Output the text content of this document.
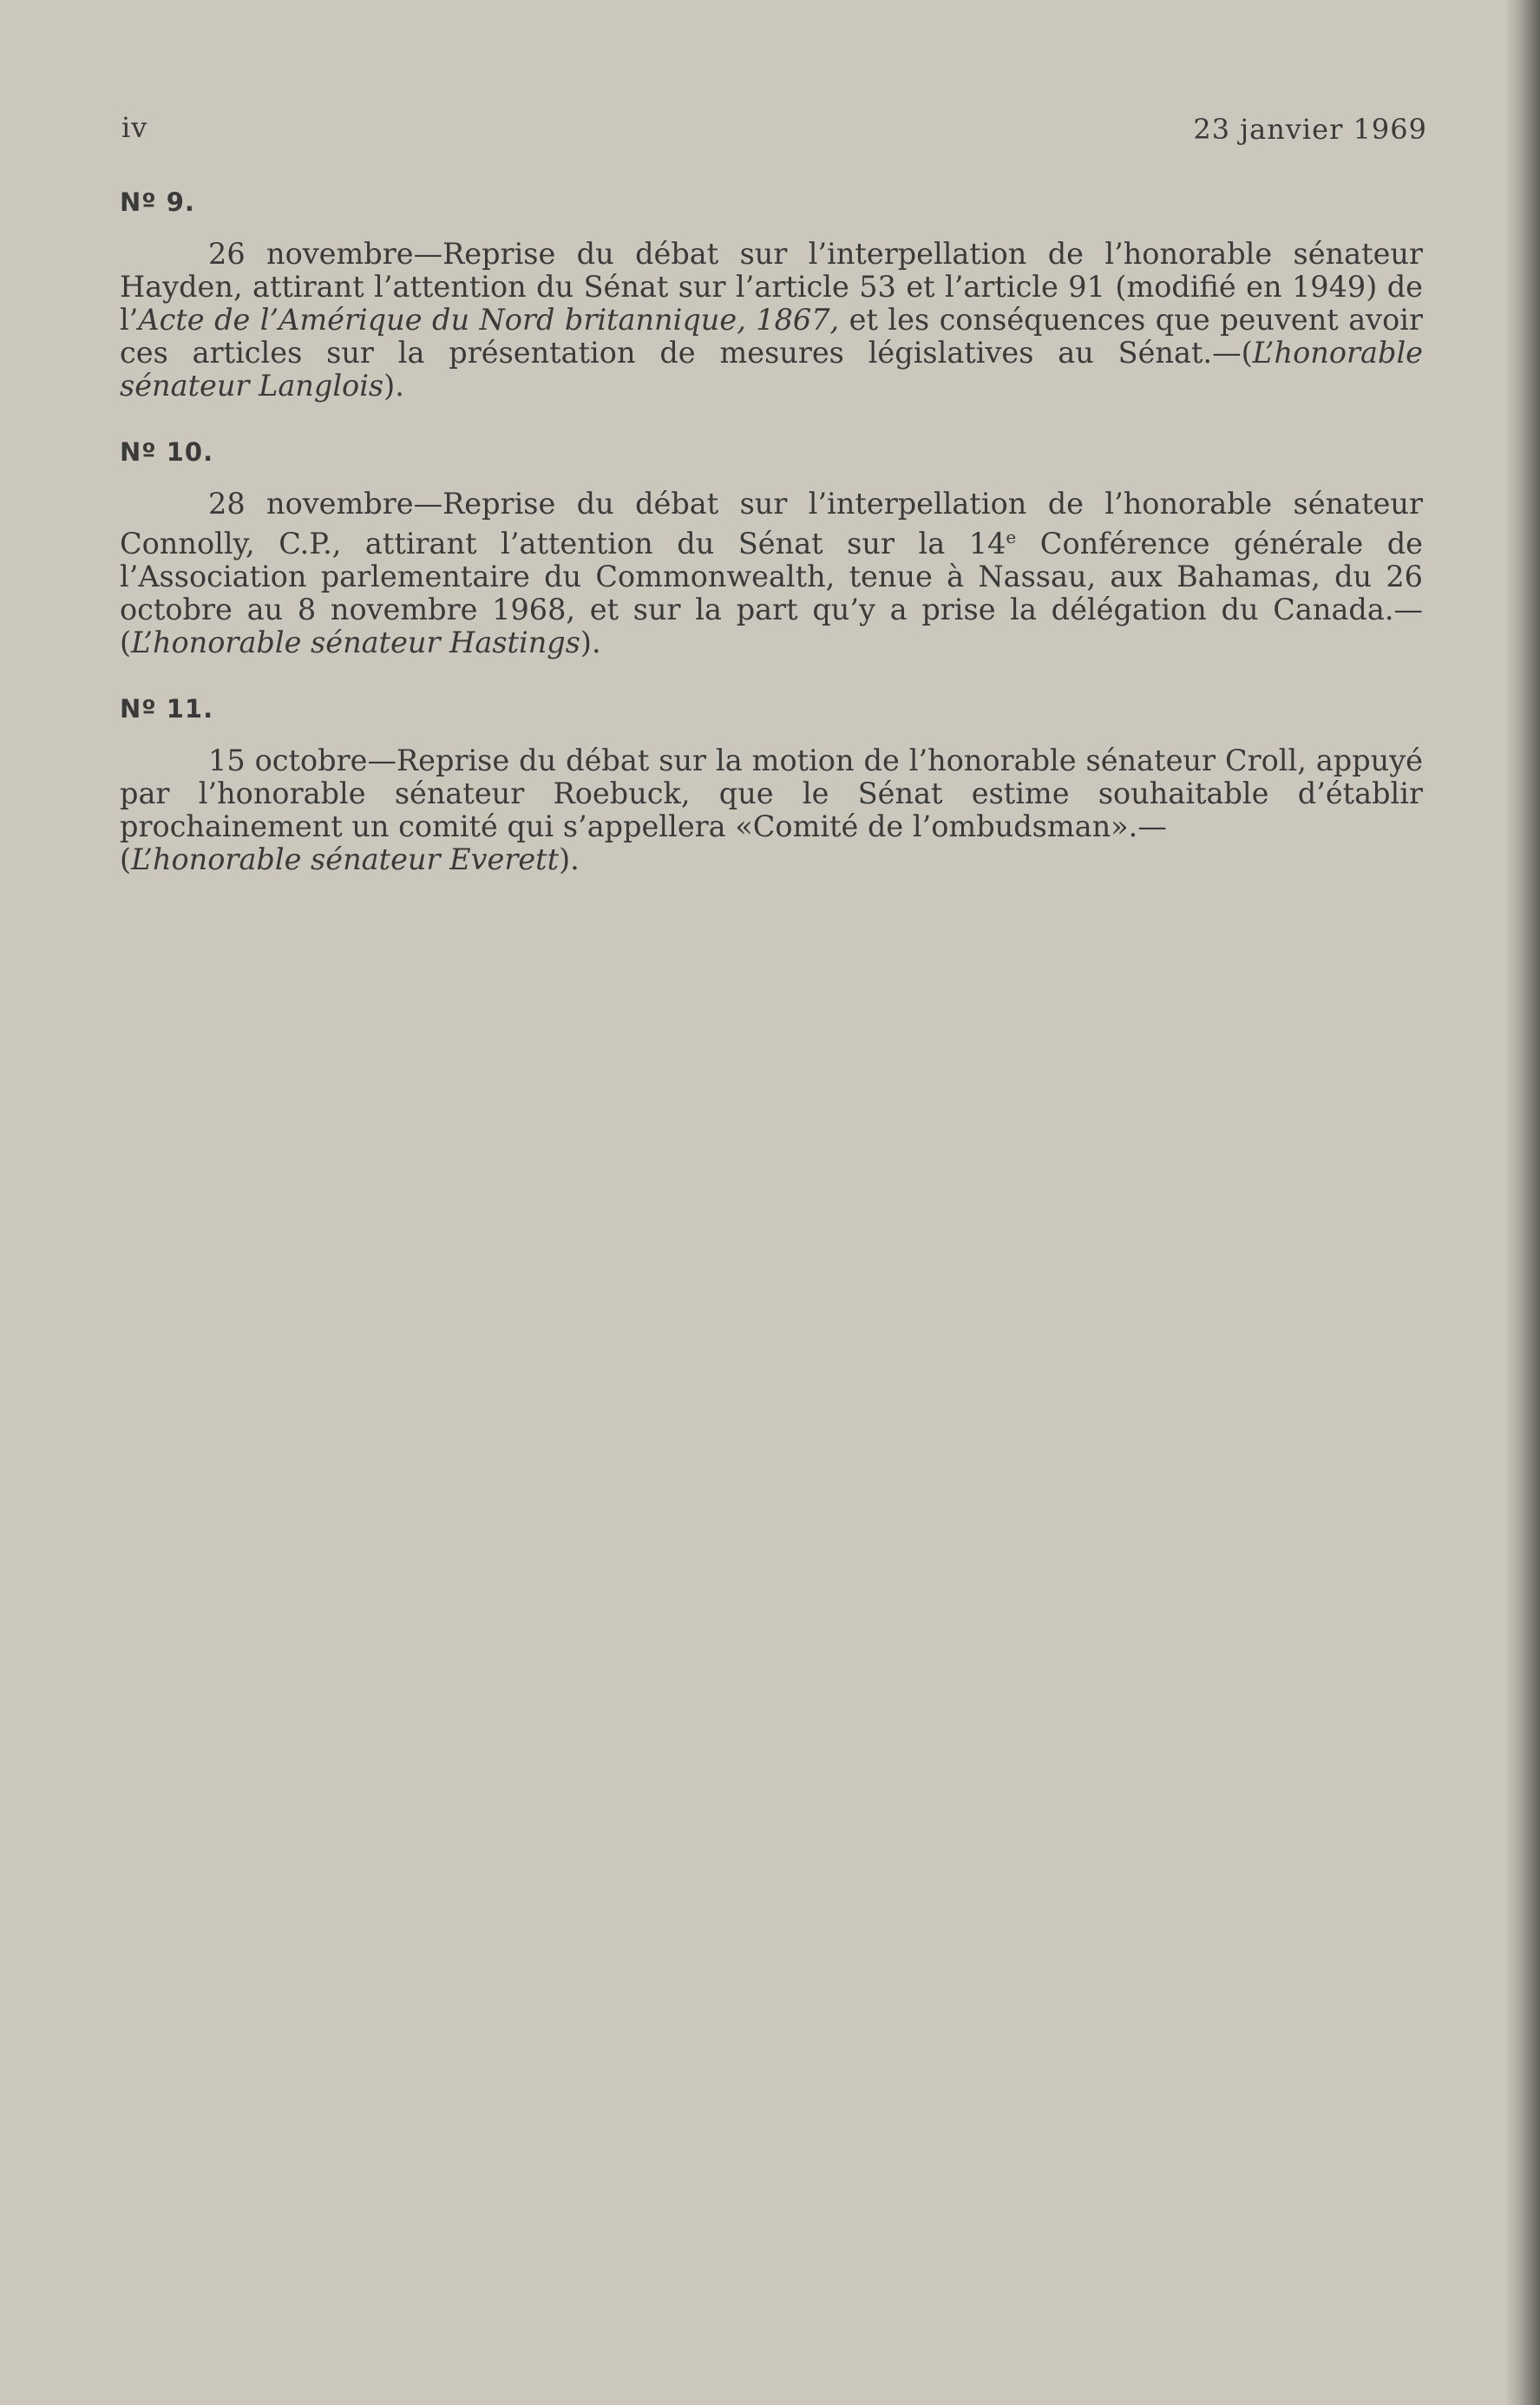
iv	23 janvier 1969

Nº 9.

26 novembre—Reprise du débat sur l’interpellation de l’honorable sénateur Hayden, attirant l’attention du Sénat sur l’article 53 et l’article 91 (modifié en 1949) de l’Acte de l’Amérique du Nord britannique, 1867, et les conséquences que peuvent avoir ces articles sur la présentation de mesures législatives au Sénat.—(L’honorable sénateur Langlois).

Nº 10.

28 novembre—Reprise du débat sur l’interpellation de l’honorable sénateur Connolly, C.P., attirant l’attention du Sénat sur la 14e Conférence générale de l’Association parlementaire du Commonwealth, tenue à Nassau, aux Bahamas, du 26 octobre au 8 novembre 1968, et sur la part qu’y a prise la délégation du Canada.—(L’honorable sénateur Hastings).

Nº 11.

15 octobre—Reprise du débat sur la motion de l’honorable sénateur Croll, appuyé par l’honorable sénateur Roebuck, que le Sénat estime souhaitable d’établir prochainement un comité qui s’appellera «Comité de l’ombudsman».—
(L’honorable sénateur Everett).
